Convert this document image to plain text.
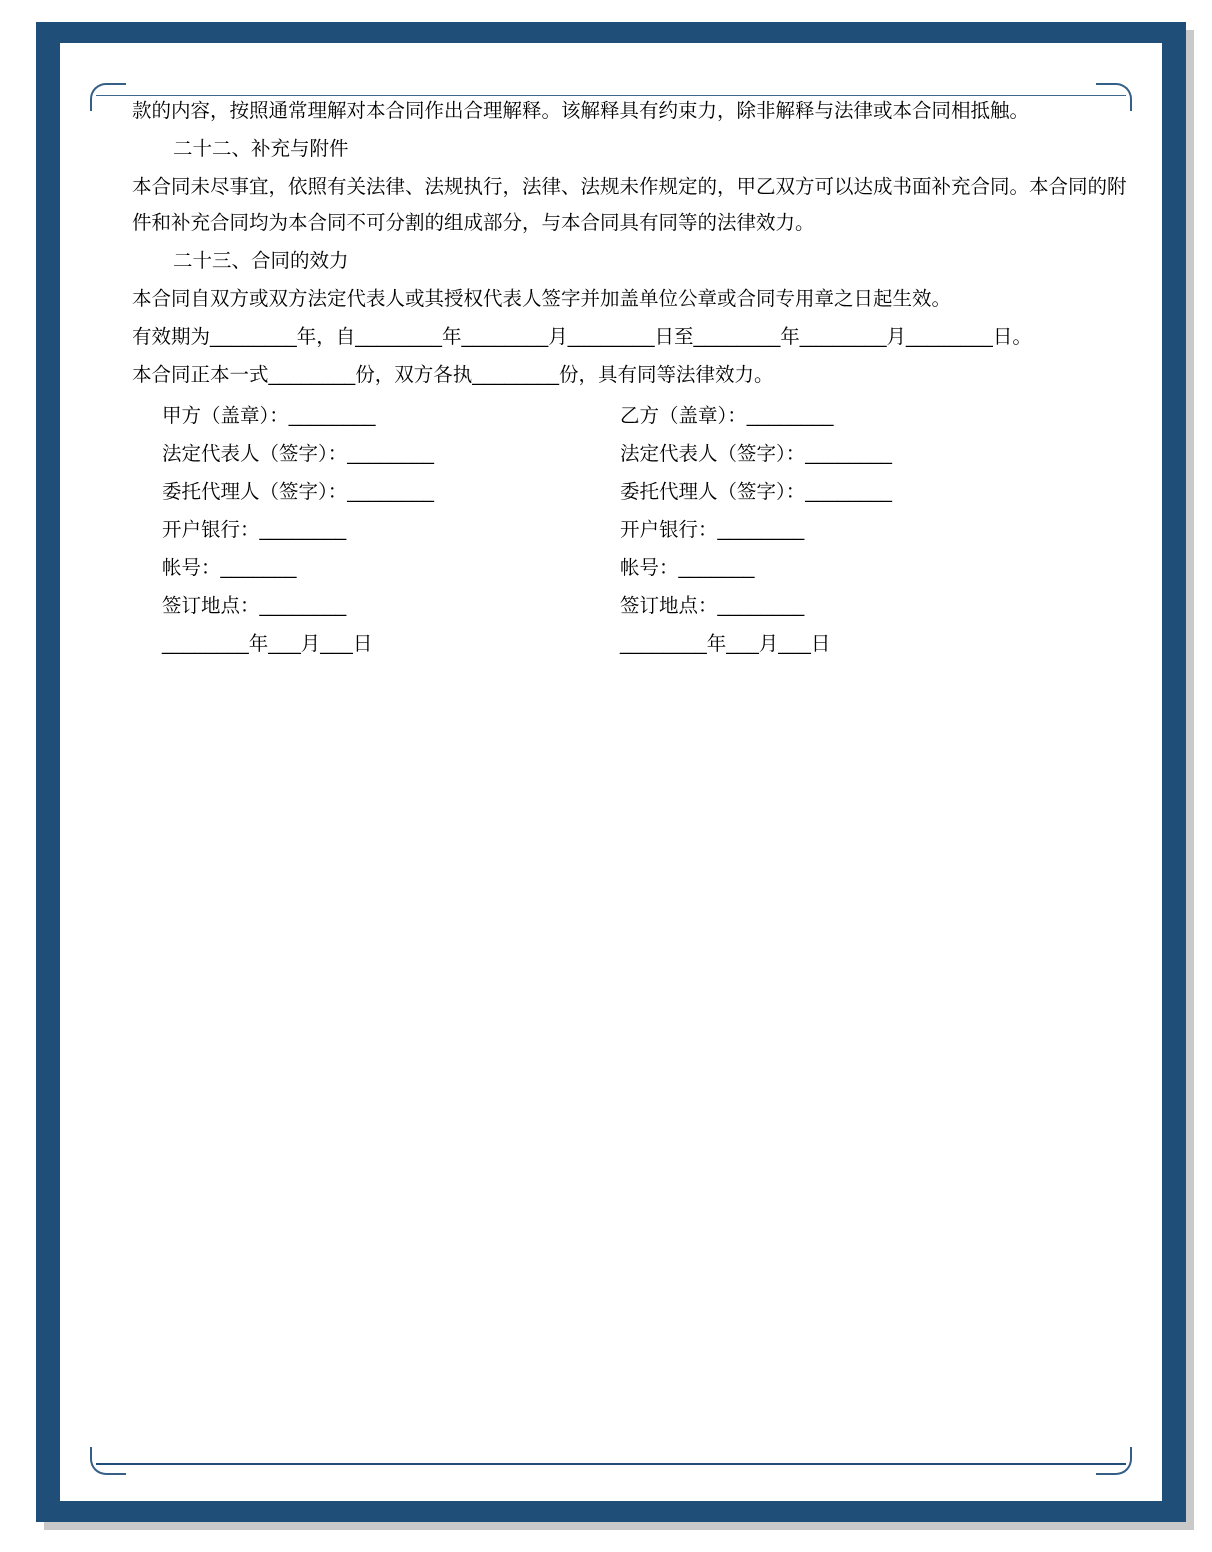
款的内容，按照通常理解对本合同作出合理解释。该解释具有约束力，除非解释与法律或本合同相抵触。

二十二、补充与附件

本合同未尽事宜，依照有关法律、法规执行，法律、法规未作规定的，甲乙双方可以达成书面补充合同。本合同的附件和补充合同均为本合同不可分割的组成部分，与本合同具有同等的法律效力。

二十三、合同的效力

本合同自双方或双方法定代表人或其授权代表人签字并加盖单位公章或合同专用章之日起生效。

有效期为________年，自________年________月________日至________年________月________日。

本合同正本一式________份，双方各执________份，具有同等法律效力。

甲方（盖章）：________	乙方（盖章）：________
法定代表人（签字）：________	法定代表人（签字）：________
委托代理人（签字）：________	委托代理人（签字）：________
开户银行：________	开户银行：________
帐号：_______	帐号：_______
签订地点：________	签订地点：________
________年___月___日	________年___月___日
